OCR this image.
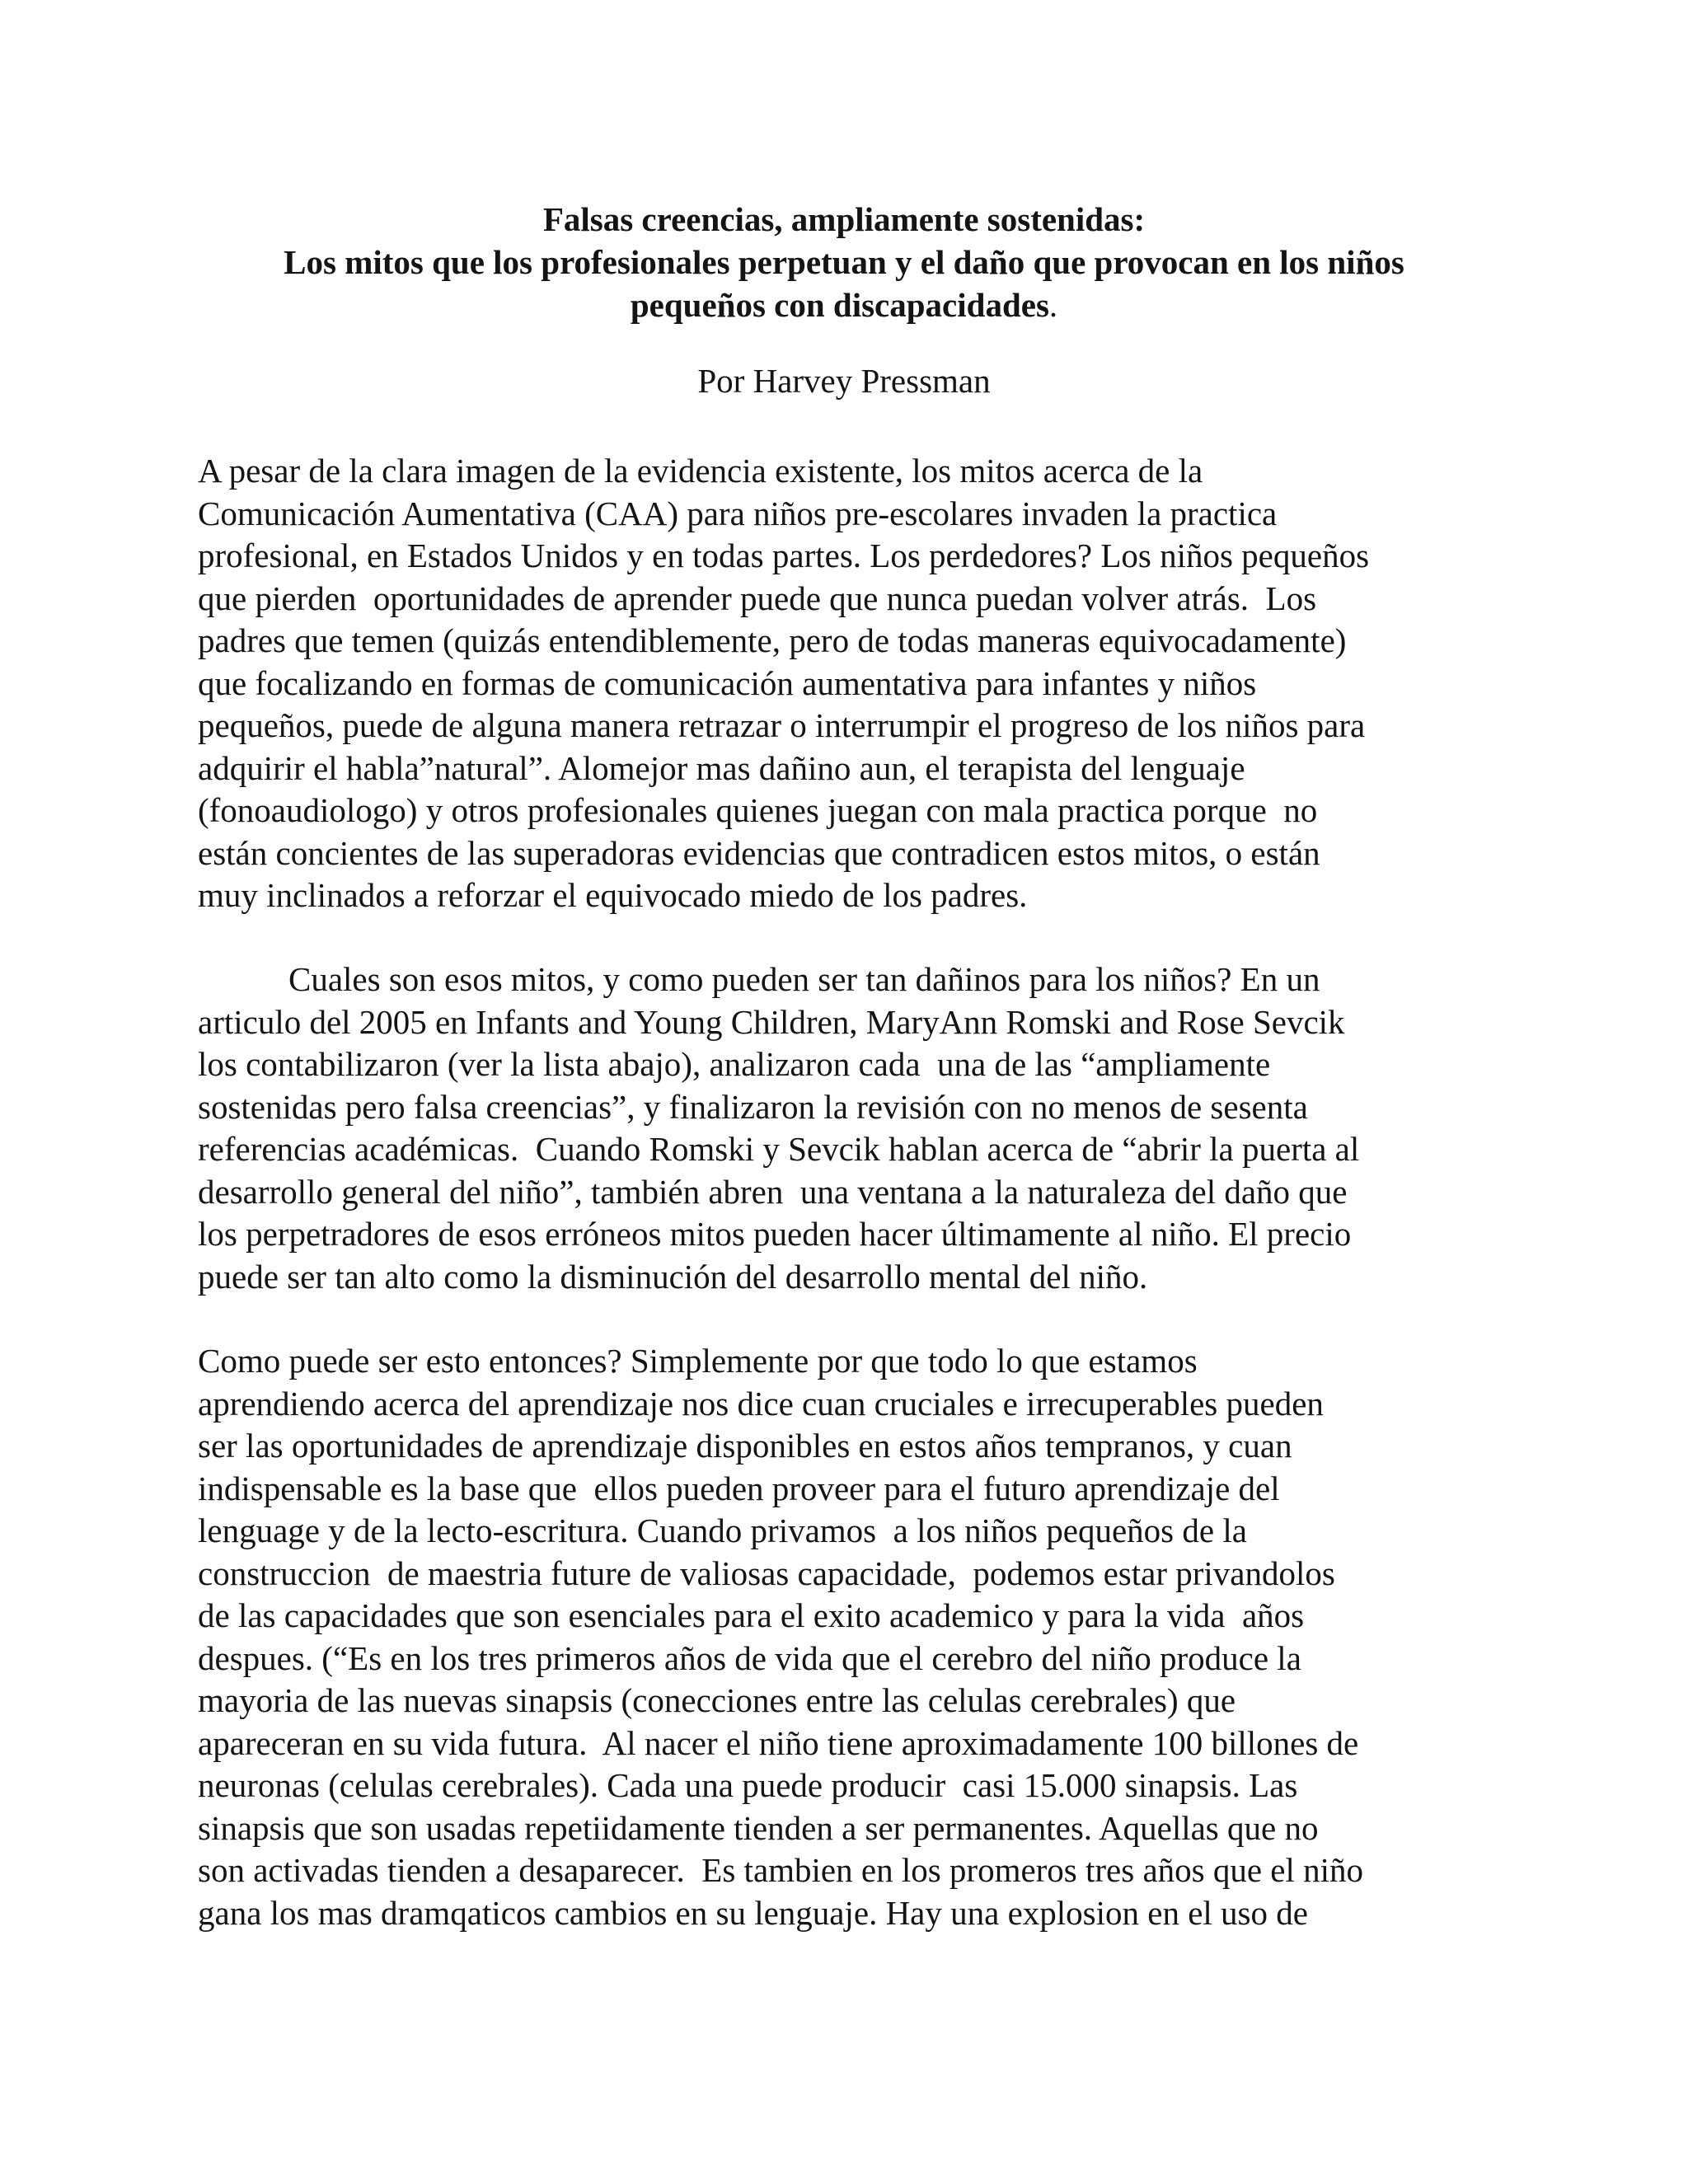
Falsas creencias, ampliamente sostenidas:
Los mitos que los profesionales perpetuan y el daño que provocan en los niños
pequeños con discapacidades.
Por Harvey Pressman
A pesar de la clara imagen de la evidencia existente, los mitos acerca de la
Comunicación Aumentativa (CAA) para niños pre-escolares invaden la practica
profesional, en Estados Unidos y en todas partes. Los perdedores? Los niños pequeños
que pierden  oportunidades de aprender puede que nunca puedan volver atrás.  Los
padres que temen (quizás entendiblemente, pero de todas maneras equivocadamente)
que focalizando en formas de comunicación aumentativa para infantes y niños
pequeños, puede de alguna manera retrazar o interrumpir el progreso de los niños para
adquirir el habla”natural”. Alomejor mas dañino aun, el terapista del lenguaje
(fonoaudiologo) y otros profesionales quienes juegan con mala practica porque  no
están concientes de las superadoras evidencias que contradicen estos mitos, o están
muy inclinados a reforzar el equivocado miedo de los padres.
Cuales son esos mitos, y como pueden ser tan dañinos para los niños? En un
articulo del 2005 en Infants and Young Children, MaryAnn Romski and Rose Sevcik
los contabilizaron (ver la lista abajo), analizaron cada  una de las “ampliamente
sostenidas pero falsa creencias”, y finalizaron la revisión con no menos de sesenta
referencias académicas.  Cuando Romski y Sevcik hablan acerca de “abrir la puerta al
desarrollo general del niño”, también abren  una ventana a la naturaleza del daño que
los perpetradores de esos erróneos mitos pueden hacer últimamente al niño. El precio
puede ser tan alto como la disminución del desarrollo mental del niño.
Como puede ser esto entonces? Simplemente por que todo lo que estamos
aprendiendo acerca del aprendizaje nos dice cuan cruciales e irrecuperables pueden
ser las oportunidades de aprendizaje disponibles en estos años tempranos, y cuan
indispensable es la base que  ellos pueden proveer para el futuro aprendizaje del
lenguage y de la lecto-escritura. Cuando privamos  a los niños pequeños de la
construccion  de maestria future de valiosas capacidade,  podemos estar privandolos
de las capacidades que son esenciales para el exito academico y para la vida  años
despues. (“Es en los tres primeros años de vida que el cerebro del niño produce la
mayoria de las nuevas sinapsis (conecciones entre las celulas cerebrales) que
apareceran en su vida futura.  Al nacer el niño tiene aproximadamente 100 billones de
neuronas (celulas cerebrales). Cada una puede producir  casi 15.000 sinapsis. Las
sinapsis que son usadas repetiidamente tienden a ser permanentes. Aquellas que no
son activadas tienden a desaparecer.  Es tambien en los promeros tres años que el niño
gana los mas dramqaticos cambios en su lenguaje. Hay una explosion en el uso de
